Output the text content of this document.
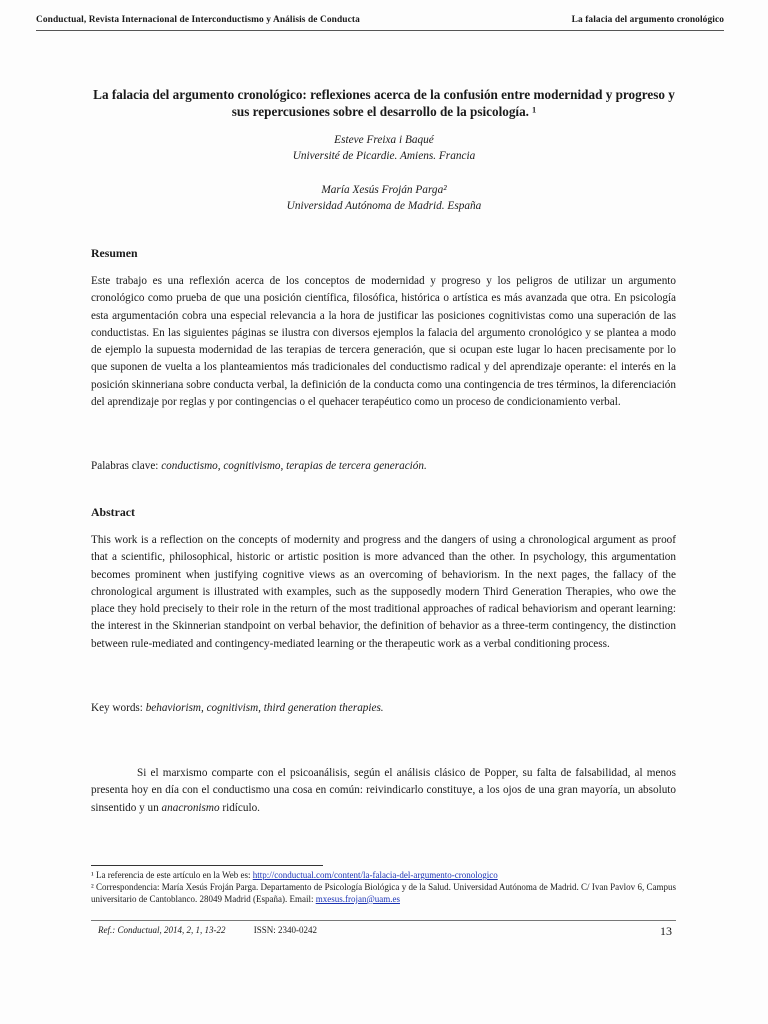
Conductual, Revista Internacional de Interconductismo y Análisis de Conducta	La falacia del argumento cronológico
La falacia del argumento cronológico: reflexiones acerca de la confusión entre modernidad y progreso y sus repercusiones sobre el desarrollo de la psicología. ¹
Esteve Freixa i Baqué
Université de Picardie. Amiens. Francia
María Xesús Froján Parga²
Universidad Autónoma de Madrid. España
Resumen
Este trabajo es una reflexión acerca de los conceptos de modernidad y progreso y los peligros de utilizar un argumento cronológico como prueba de que una posición científica, filosófica, histórica o artística es más avanzada que otra. En psicología esta argumentación cobra una especial relevancia a la hora de justificar las posiciones cognitivistas como una superación de las conductistas. En las siguientes páginas se ilustra con diversos ejemplos la falacia del argumento cronológico y se plantea a modo de ejemplo la supuesta modernidad de las terapias de tercera generación, que si ocupan este lugar lo hacen precisamente por lo que suponen de vuelta a los planteamientos más tradicionales del conductismo radical y del aprendizaje operante: el interés en la posición skinneriana sobre conducta verbal, la definición de la conducta como una contingencia de tres términos, la diferenciación del aprendizaje por reglas y por contingencias o el quehacer terapéutico como un proceso de condicionamiento verbal.
Palabras clave: conductismo, cognitivismo, terapias de tercera generación.
Abstract
This work is a reflection on the concepts of modernity and progress and the dangers of using a chronological argument as proof that a scientific, philosophical, historic or artistic position is more advanced than the other. In psychology, this argumentation becomes prominent when justifying cognitive views as an overcoming of behaviorism. In the next pages, the fallacy of the chronological argument is illustrated with examples, such as the supposedly modern Third Generation Therapies, who owe the place they hold precisely to their role in the return of the most traditional approaches of radical behaviorism and operant learning: the interest in the Skinnerian standpoint on verbal behavior, the definition of behavior as a three-term contingency, the distinction between rule-mediated and contingency-mediated learning or the therapeutic work as a verbal conditioning process.
Key words: behaviorism, cognitivism, third generation therapies.
Si el marxismo comparte con el psicoanálisis, según el análisis clásico de Popper, su falta de falsabilidad, al menos presenta hoy en día con el conductismo una cosa en común: reivindicarlo constituye, a los ojos de una gran mayoría, un absoluto sinsentido y un anacronismo ridículo.
¹ La referencia de este artículo en la Web es: http://conductual.com/content/la-falacia-del-argumento-cronologico
² Correspondencia: María Xesús Froján Parga. Departamento de Psicología Biológica y de la Salud. Universidad Autónoma de Madrid. C/ Ivan Pavlov 6, Campus universitario de Cantoblanco. 28049 Madrid (España). Email: mxesus.frojan@uam.es
Ref.: Conductual, 2014, 2, 1, 13-22	ISSN: 2340-0242	13
